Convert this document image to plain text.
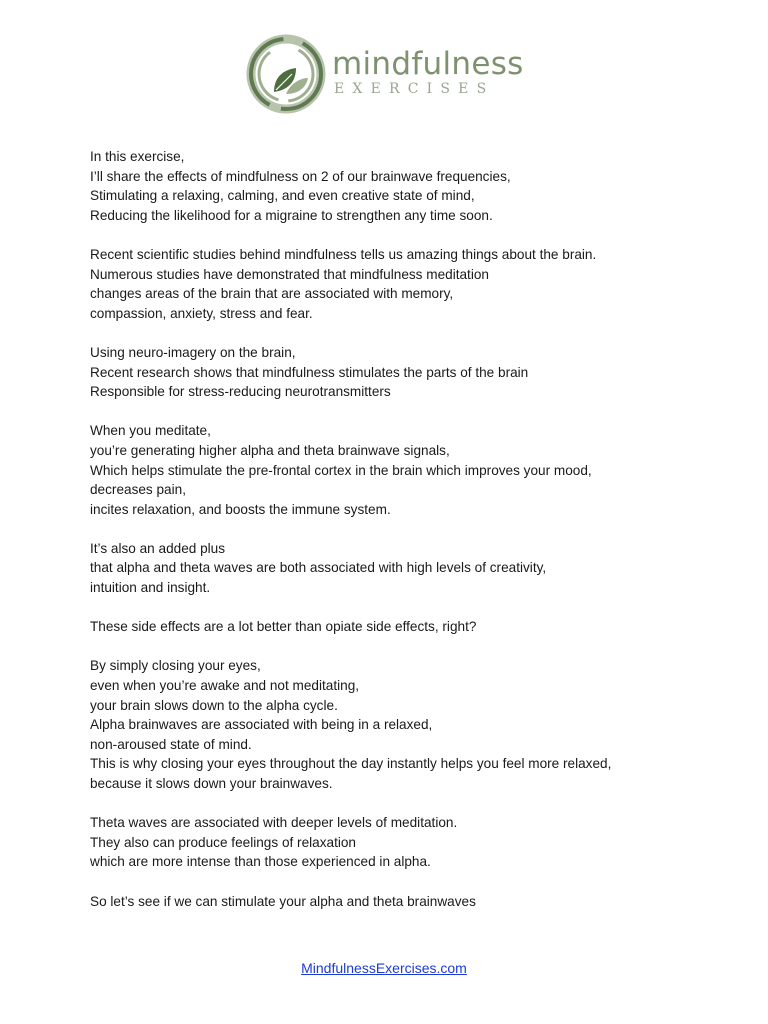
mindfulness
EXERCISES
In this exercise,
I’ll share the effects of mindfulness on 2 of our brainwave frequencies,
Stimulating a relaxing, calming, and even creative state of mind,
Reducing the likelihood for a migraine to strengthen any time soon.
Recent scientific studies behind mindfulness tells us amazing things about the brain.
Numerous studies have demonstrated that mindfulness meditation
changes areas of the brain that are associated with memory,
compassion, anxiety, stress and fear.
Using neuro-imagery on the brain,
Recent research shows that mindfulness stimulates the parts of the brain
Responsible for stress-reducing neurotransmitters
When you meditate,
you’re generating higher alpha and theta brainwave signals,
Which helps stimulate the pre-frontal cortex in the brain which improves your mood,
decreases pain,
incites relaxation, and boosts the immune system.
It’s also an added plus
that alpha and theta waves are both associated with high levels of creativity,
intuition and insight.
These side effects are a lot better than opiate side effects, right?
By simply closing your eyes,
even when you’re awake and not meditating,
your brain slows down to the alpha cycle.
Alpha brainwaves are associated with being in a relaxed,
non-aroused state of mind.
This is why closing your eyes throughout the day instantly helps you feel more relaxed,
because it slows down your brainwaves.
Theta waves are associated with deeper levels of meditation.
They also can produce feelings of relaxation
which are more intense than those experienced in alpha.
So let’s see if we can stimulate your alpha and theta brainwaves
MindfulnessExercises.com
